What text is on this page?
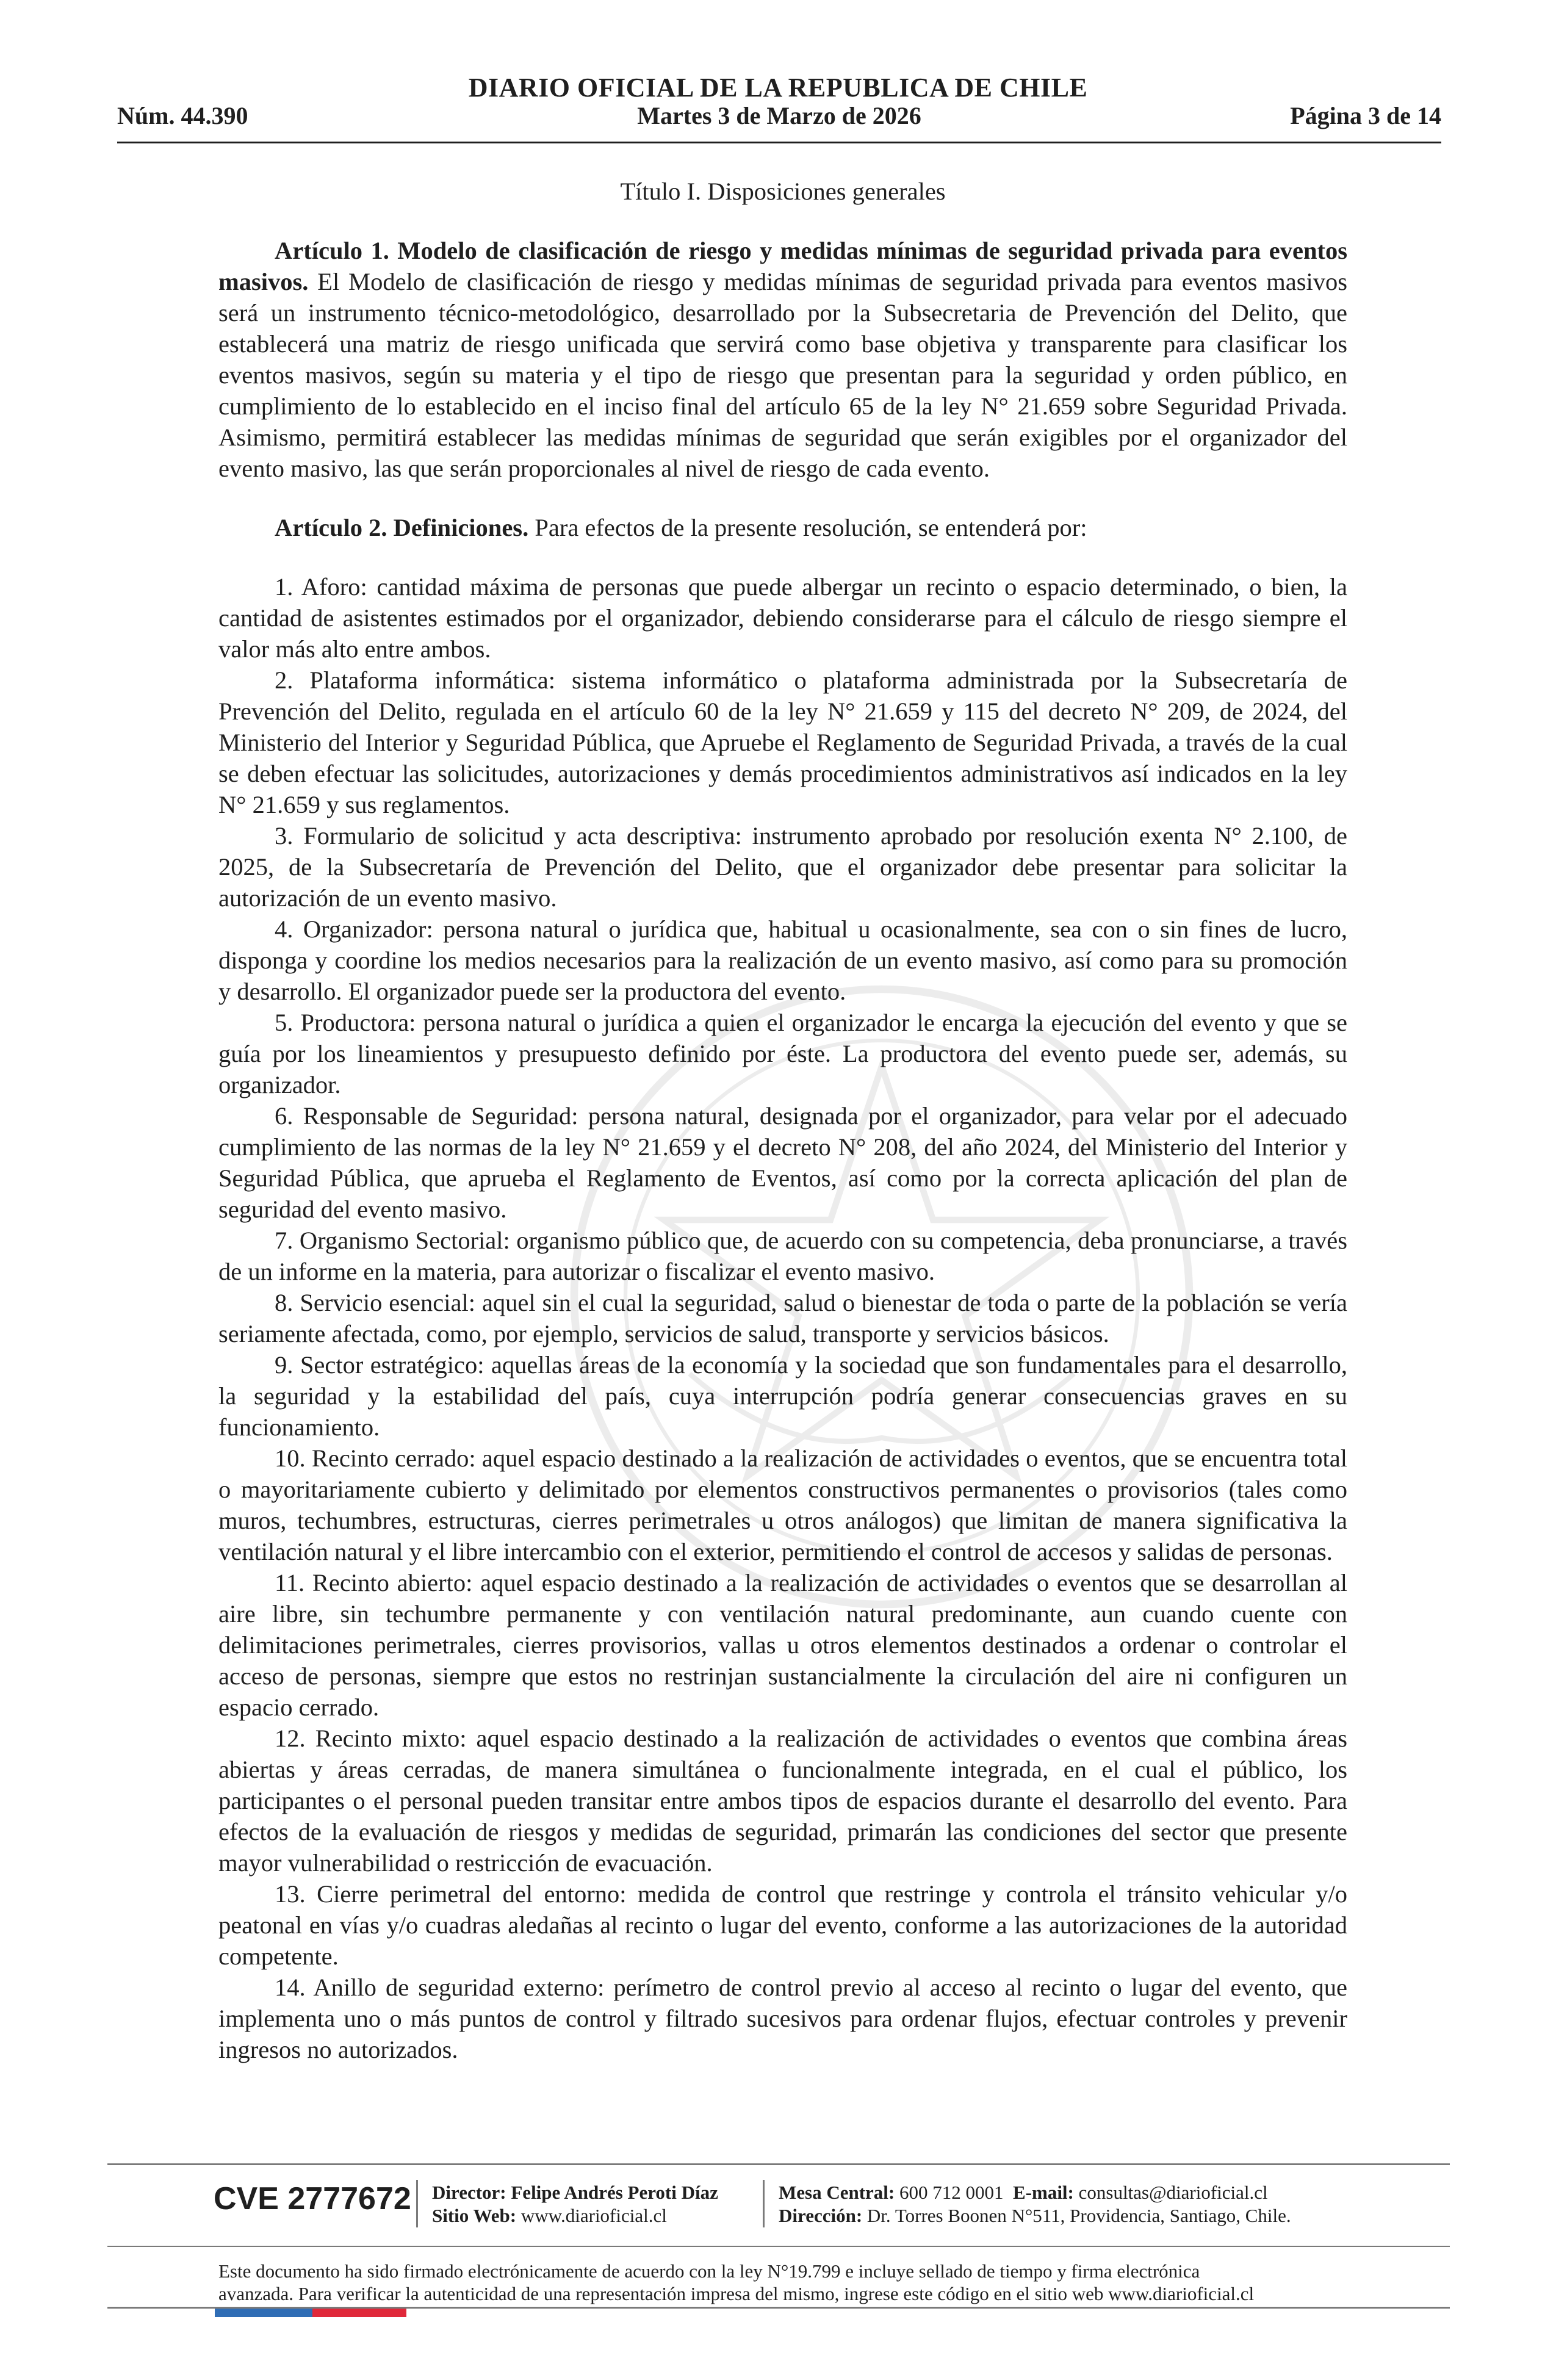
DIARIO OFICIAL DE LA REPUBLICA DE CHILE
Martes 3 de Marzo de 2026
Núm. 44.390	Página 3 de 14
Título I. Disposiciones generales

Artículo 1. Modelo de clasificación de riesgo y medidas mínimas de seguridad privada para eventos masivos. El Modelo de clasificación de riesgo y medidas mínimas de seguridad privada para eventos masivos será un instrumento técnico-metodológico, desarrollado por la Subsecretaria de Prevención del Delito, que establecerá una matriz de riesgo unificada que servirá como base objetiva y transparente para clasificar los eventos masivos, según su materia y el tipo de riesgo que presentan para la seguridad y orden público, en cumplimiento de lo establecido en el inciso final del artículo 65 de la ley N° 21.659 sobre Seguridad Privada. Asimismo, permitirá establecer las medidas mínimas de seguridad que serán exigibles por el organizador del evento masivo, las que serán proporcionales al nivel de riesgo de cada evento.

Artículo 2. Definiciones. Para efectos de la presente resolución, se entenderá por:

1. Aforo: cantidad máxima de personas que puede albergar un recinto o espacio determinado, o bien, la cantidad de asistentes estimados por el organizador, debiendo considerarse para el cálculo de riesgo siempre el valor más alto entre ambos.

2. Plataforma informática: sistema informático o plataforma administrada por la Subsecretaría de Prevención del Delito, regulada en el artículo 60 de la ley N° 21.659 y 115 del decreto N° 209, de 2024, del Ministerio del Interior y Seguridad Pública, que Apruebe el Reglamento de Seguridad Privada, a través de la cual se deben efectuar las solicitudes, autorizaciones y demás procedimientos administrativos así indicados en la ley N° 21.659 y sus reglamentos.

3. Formulario de solicitud y acta descriptiva: instrumento aprobado por resolución exenta N° 2.100, de 2025, de la Subsecretaría de Prevención del Delito, que el organizador debe presentar para solicitar la autorización de un evento masivo.

4. Organizador: persona natural o jurídica que, habitual u ocasionalmente, sea con o sin fines de lucro, disponga y coordine los medios necesarios para la realización de un evento masivo, así como para su promoción y desarrollo. El organizador puede ser la productora del evento.

5. Productora: persona natural o jurídica a quien el organizador le encarga la ejecución del evento y que se guía por los lineamientos y presupuesto definido por éste. La productora del evento puede ser, además, su organizador.

6. Responsable de Seguridad: persona natural, designada por el organizador, para velar por el adecuado cumplimiento de las normas de la ley N° 21.659 y el decreto N° 208, del año 2024, del Ministerio del Interior y Seguridad Pública, que aprueba el Reglamento de Eventos, así como por la correcta aplicación del plan de seguridad del evento masivo.

7. Organismo Sectorial: organismo público que, de acuerdo con su competencia, deba pronunciarse, a través de un informe en la materia, para autorizar o fiscalizar el evento masivo.

8. Servicio esencial: aquel sin el cual la seguridad, salud o bienestar de toda o parte de la población se vería seriamente afectada, como, por ejemplo, servicios de salud, transporte y servicios básicos.

9. Sector estratégico: aquellas áreas de la economía y la sociedad que son fundamentales para el desarrollo, la seguridad y la estabilidad del país, cuya interrupción podría generar consecuencias graves en su funcionamiento.

10. Recinto cerrado: aquel espacio destinado a la realización de actividades o eventos, que se encuentra total o mayoritariamente cubierto y delimitado por elementos constructivos permanentes o provisorios (tales como muros, techumbres, estructuras, cierres perimetrales u otros análogos) que limitan de manera significativa la ventilación natural y el libre intercambio con el exterior, permitiendo el control de accesos y salidas de personas.

11. Recinto abierto: aquel espacio destinado a la realización de actividades o eventos que se desarrollan al aire libre, sin techumbre permanente y con ventilación natural predominante, aun cuando cuente con delimitaciones perimetrales, cierres provisorios, vallas u otros elementos destinados a ordenar o controlar el acceso de personas, siempre que estos no restrinjan sustancialmente la circulación del aire ni configuren un espacio cerrado.

12. Recinto mixto: aquel espacio destinado a la realización de actividades o eventos que combina áreas abiertas y áreas cerradas, de manera simultánea o funcionalmente integrada, en el cual el público, los participantes o el personal pueden transitar entre ambos tipos de espacios durante el desarrollo del evento. Para efectos de la evaluación de riesgos y medidas de seguridad, primarán las condiciones del sector que presente mayor vulnerabilidad o restricción de evacuación.

13. Cierre perimetral del entorno: medida de control que restringe y controla el tránsito vehicular y/o peatonal en vías y/o cuadras aledañas al recinto o lugar del evento, conforme a las autorizaciones de la autoridad competente.

14. Anillo de seguridad externo: perímetro de control previo al acceso al recinto o lugar del evento, que implementa uno o más puntos de control y filtrado sucesivos para ordenar flujos, efectuar controles y prevenir ingresos no autorizados.

CVE 2777672 Director: Felipe Andrés Peroti Díaz
Sitio Web: www.diarioficial.cl
Mesa Central: 600 712 0001 E-mail: consultas@diarioficial.cl
Dirección: Dr. Torres Boonen N°511, Providencia, Santiago, Chile.
Este documento ha sido firmado electrónicamente de acuerdo con la ley N°19.799 e incluye sellado de tiempo y firma electrónica
avanzada. Para verificar la autenticidad de una representación impresa del mismo, ingrese este código en el sitio web www.diarioficial.cl
